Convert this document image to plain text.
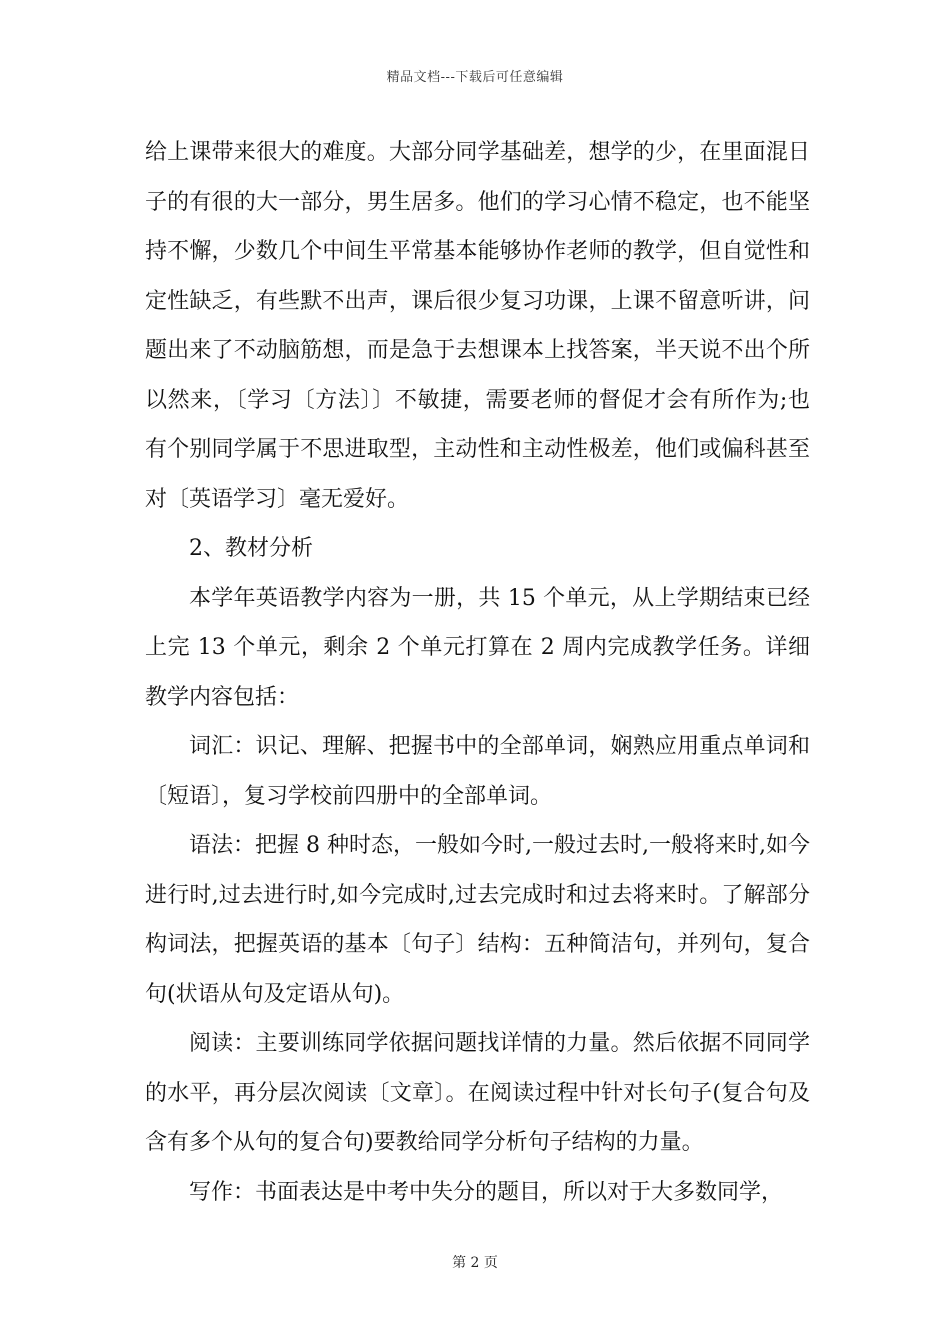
精品文档---下载后可任意编辑

给上课带来很大的难度。大部分同学基础差，想学的少，在里面混日子的有很的大一部分，男生居多。他们的学习心情不稳定，也不能坚持不懈，少数几个中间生平常基本能够协作老师的教学，但自觉性和定性缺乏，有些默不出声，课后很少复习功课，上课不留意听讲，问题出来了不动脑筋想，而是急于去想课本上找答案，半天说不出个所以然来，〔学习〔方法〕〕不敏捷，需要老师的督促才会有所作为;也有个别同学属于不思进取型，主动性和主动性极差，他们或偏科甚至对〔英语学习〕毫无爱好。

2、教材分析

本学年英语教学内容为一册，共 15 个单元，从上学期结束已经上完 13 个单元，剩余 2 个单元打算在 2 周内完成教学任务。详细教学内容包括：

词汇：识记、理解、把握书中的全部单词，娴熟应用重点单词和〔短语〕，复习学校前四册中的全部单词。

语法：把握 8 种时态，一般如今时,一般过去时,一般将来时,如今进行时,过去进行时,如今完成时,过去完成时和过去将来时。了解部分构词法，把握英语的基本〔句子〕结构：五种简洁句，并列句，复合句(状语从句及定语从句)。

阅读：主要训练同学依据问题找详情的力量。然后依据不同同学的水平，再分层次阅读〔文章〕。在阅读过程中针对长句子(复合句及含有多个从句的复合句)要教给同学分析句子结构的力量。

写作：书面表达是中考中失分的题目，所以对于大多数同学，

第 2 页
